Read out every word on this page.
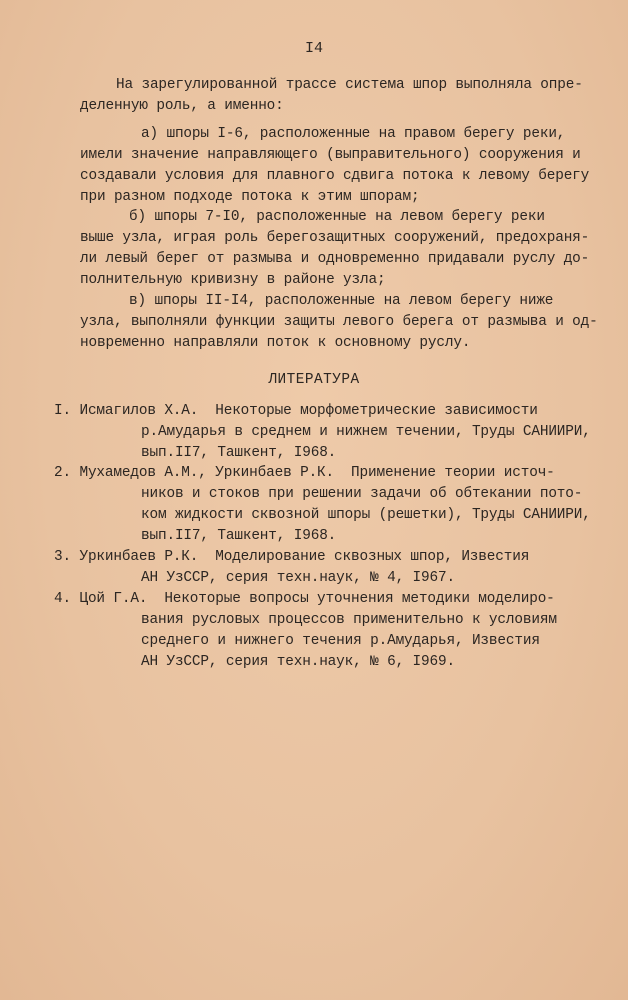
I4
На зарегулированной трассе система шпор выполняла опре-
деленную роль, а именно:
а) шпоры I-6, расположенные на правом берегу реки,
имели значение направляющего (выправительного) сооружения и
создавали условия для плавного сдвига потока к левому берегу
при разном подходе потока к этим шпорам;
б) шпоры 7-I0, расположенные на левом берегу реки
выше узла, играя роль берегозащитных сооружений, предохраня-
ли левый берег от размыва и одновременно придавали руслу до-
полнительную кривизну в районе узла;
в) шпоры II-I4, расположенные на левом берегу ниже
узла, выполняли функции защиты левого берега от размыва и од-
новременно направляли поток к основному руслу.
ЛИТЕРАТУРА
I. Исмагилов Х.А.  Некоторые морфометрические зависимости
р.Амударья в среднем и нижнем течении, Труды САНИИРИ,
вып.II7, Ташкент, I968.
2. Мухамедов А.М., Уркинбаев Р.К.  Применение теории источ-
ников и стоков при решении задачи об обтекании пото-
ком жидкости сквозной шпоры (решетки), Труды САНИИРИ,
вып.II7, Ташкент, I968.
3. Уркинбаев Р.К.  Моделирование сквозных шпор, Известия
АН УзССР, серия техн.наук, № 4, I967.
4. Цой Г.А.  Некоторые вопросы уточнения методики моделиро-
вания русловых процессов применительно к условиям
среднего и нижнего течения р.Амударья, Известия
АН УзССР, серия техн.наук, № 6, I969.
